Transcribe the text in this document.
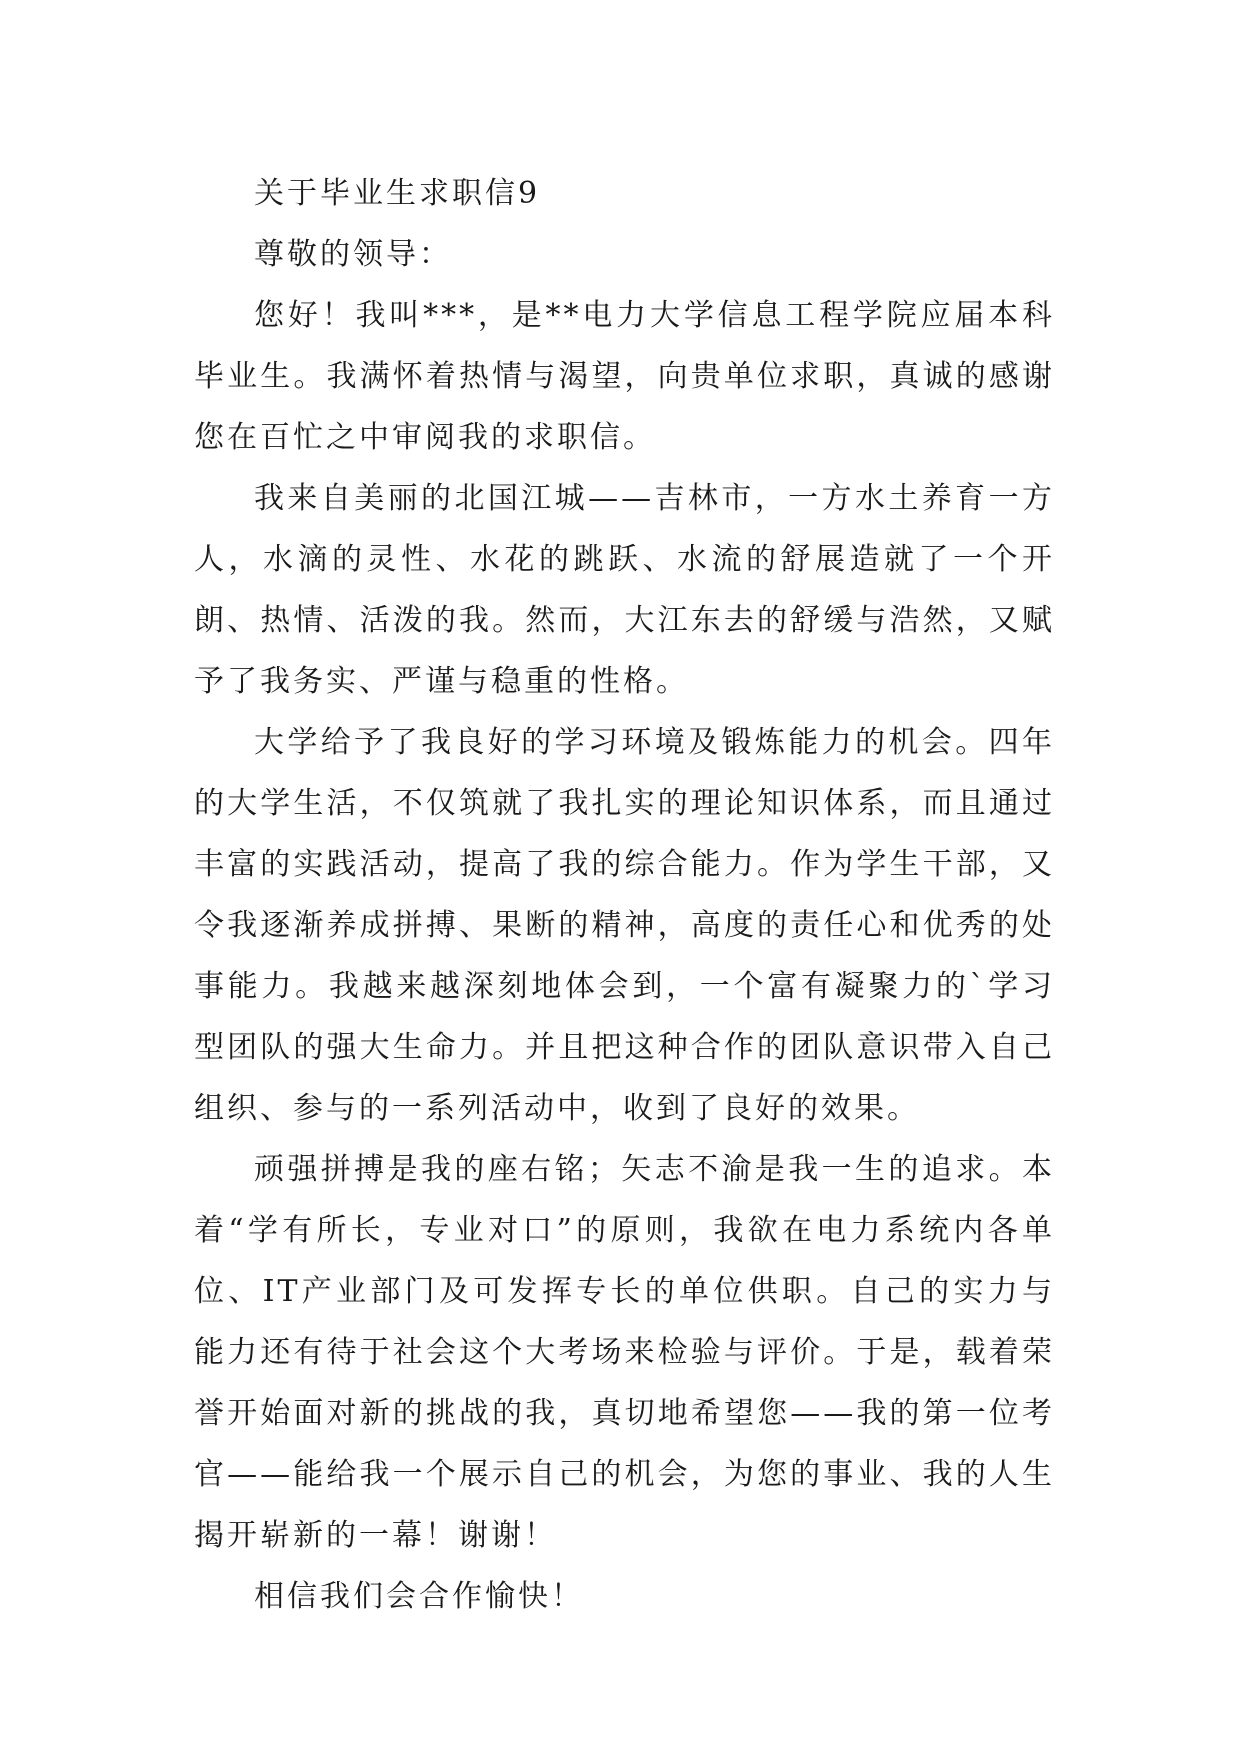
关于毕业生求职信9

尊敬的领导：

您好！我叫***，是**电力大学信息工程学院应届本科毕业生。我满怀着热情与渴望，向贵单位求职，真诚的感谢您在百忙之中审阅我的求职信。

我来自美丽的北国江城——吉林市，一方水土养育一方人，水滴的灵性、水花的跳跃、水流的舒展造就了一个开朗、热情、活泼的我。然而，大江东去的舒缓与浩然，又赋予了我务实、严谨与稳重的性格。

大学给予了我良好的学习环境及锻炼能力的机会。四年的大学生活，不仅筑就了我扎实的理论知识体系，而且通过丰富的实践活动，提高了我的综合能力。作为学生干部，又令我逐渐养成拼搏、果断的精神，高度的责任心和优秀的处事能力。我越来越深刻地体会到，一个富有凝聚力的`学习型团队的强大生命力。并且把这种合作的团队意识带入自己组织、参与的一系列活动中，收到了良好的效果。

顽强拼搏是我的座右铭；矢志不渝是我一生的追求。本着“学有所长，专业对口”的原则，我欲在电力系统内各单位、IT产业部门及可发挥专长的单位供职。自己的实力与能力还有待于社会这个大考场来检验与评价。于是，载着荣誉开始面对新的挑战的我，真切地希望您——我的第一位考官——能给我一个展示自己的机会，为您的事业、我的人生揭开崭新的一幕！谢谢！

相信我们会合作愉快！
